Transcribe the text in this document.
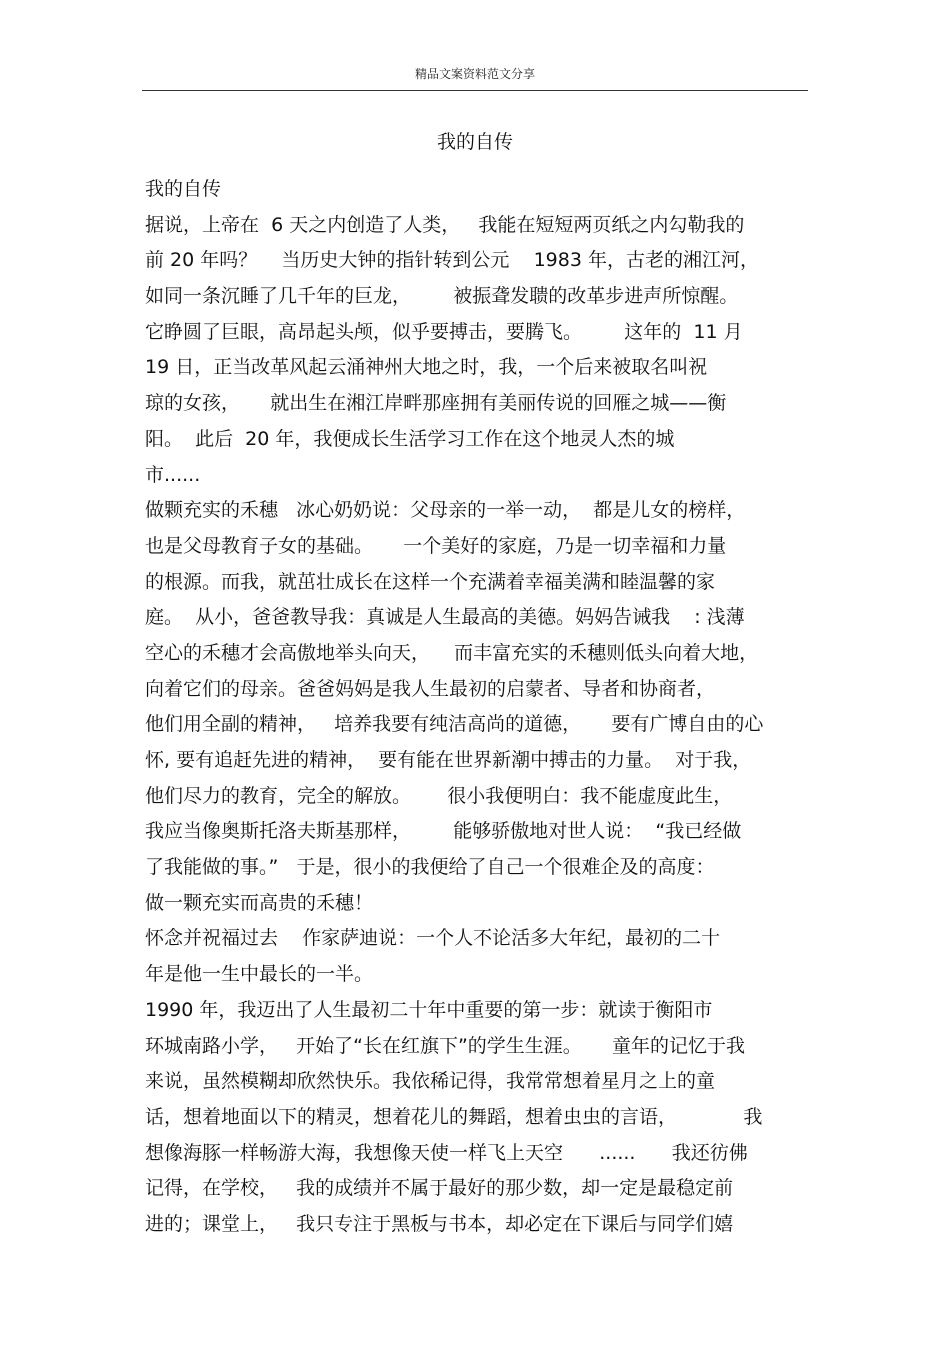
精品文案资料范文分享
我的自传
我的自传
据说，上帝在  6 天之内创造了人类，   我能在短短两页纸之内勾勒我的
前 20 年吗？    当历史大钟的指针转到公元    1983 年，古老的湘江河，
如同一条沉睡了几千年的巨龙，       被振聋发聩的改革步进声所惊醒。
它睁圆了巨眼，高昂起头颅，似乎要搏击，要腾飞。       这年的  11 月
19 日，正当改革风起云涌神州大地之时，我，一个后来被取名叫祝
琼的女孩，     就出生在湘江岸畔那座拥有美丽传说的回雁之城——衡
阳。  此后  20 年，我便成长生活学习工作在这个地灵人杰的城
市......
做颗充实的禾穗   冰心奶奶说：父母亲的一举一动，  都是儿女的榜样，
也是父母教育子女的基础。     一个美好的家庭，乃是一切幸福和力量
的根源。而我，就茁壮成长在这样一个充满着幸福美满和睦温馨的家
庭。  从小，爸爸教导我：真诚是人生最高的美德。妈妈告诫我    : 浅薄
空心的禾穗才会高傲地举头向天，    而丰富充实的禾穗则低头向着大地，
向着它们的母亲。爸爸妈妈是我人生最初的启蒙者、导者和协商者，
他们用全副的精神，   培养我要有纯洁高尚的道德，     要有广博自由的心
怀, 要有追赶先进的精神，  要有能在世界新潮中搏击的力量。  对于我，
他们尽力的教育，完全的解放。      很小我便明白：我不能虚度此生，
我应当像奥斯托洛夫斯基那样，       能够骄傲地对世人说：  “我已经做
了我能做的事。”   于是，很小的我便给了自己一个很难企及的高度：
做一颗充实而高贵的禾穗！
怀念并祝福过去    作家萨迪说：一个人不论活多大年纪，最初的二十
年是他一生中最长的一半。
1990 年，我迈出了人生最初二十年中重要的第一步：就读于衡阳市
环城南路小学，   开始了“长在红旗下”的学生生涯。     童年的记忆于我
来说，虽然模糊却欣然快乐。我依稀记得，我常常想着星月之上的童
话，想着地面以下的精灵，想着花儿的舞蹈，想着虫虫的言语，           我
想像海豚一样畅游大海，我想像天使一样飞上天空      ......      我还彷佛
记得，在学校，   我的成绩并不属于最好的那少数，却一定是最稳定前
进的；课堂上，   我只专注于黑板与书本，却必定在下课后与同学们嬉
